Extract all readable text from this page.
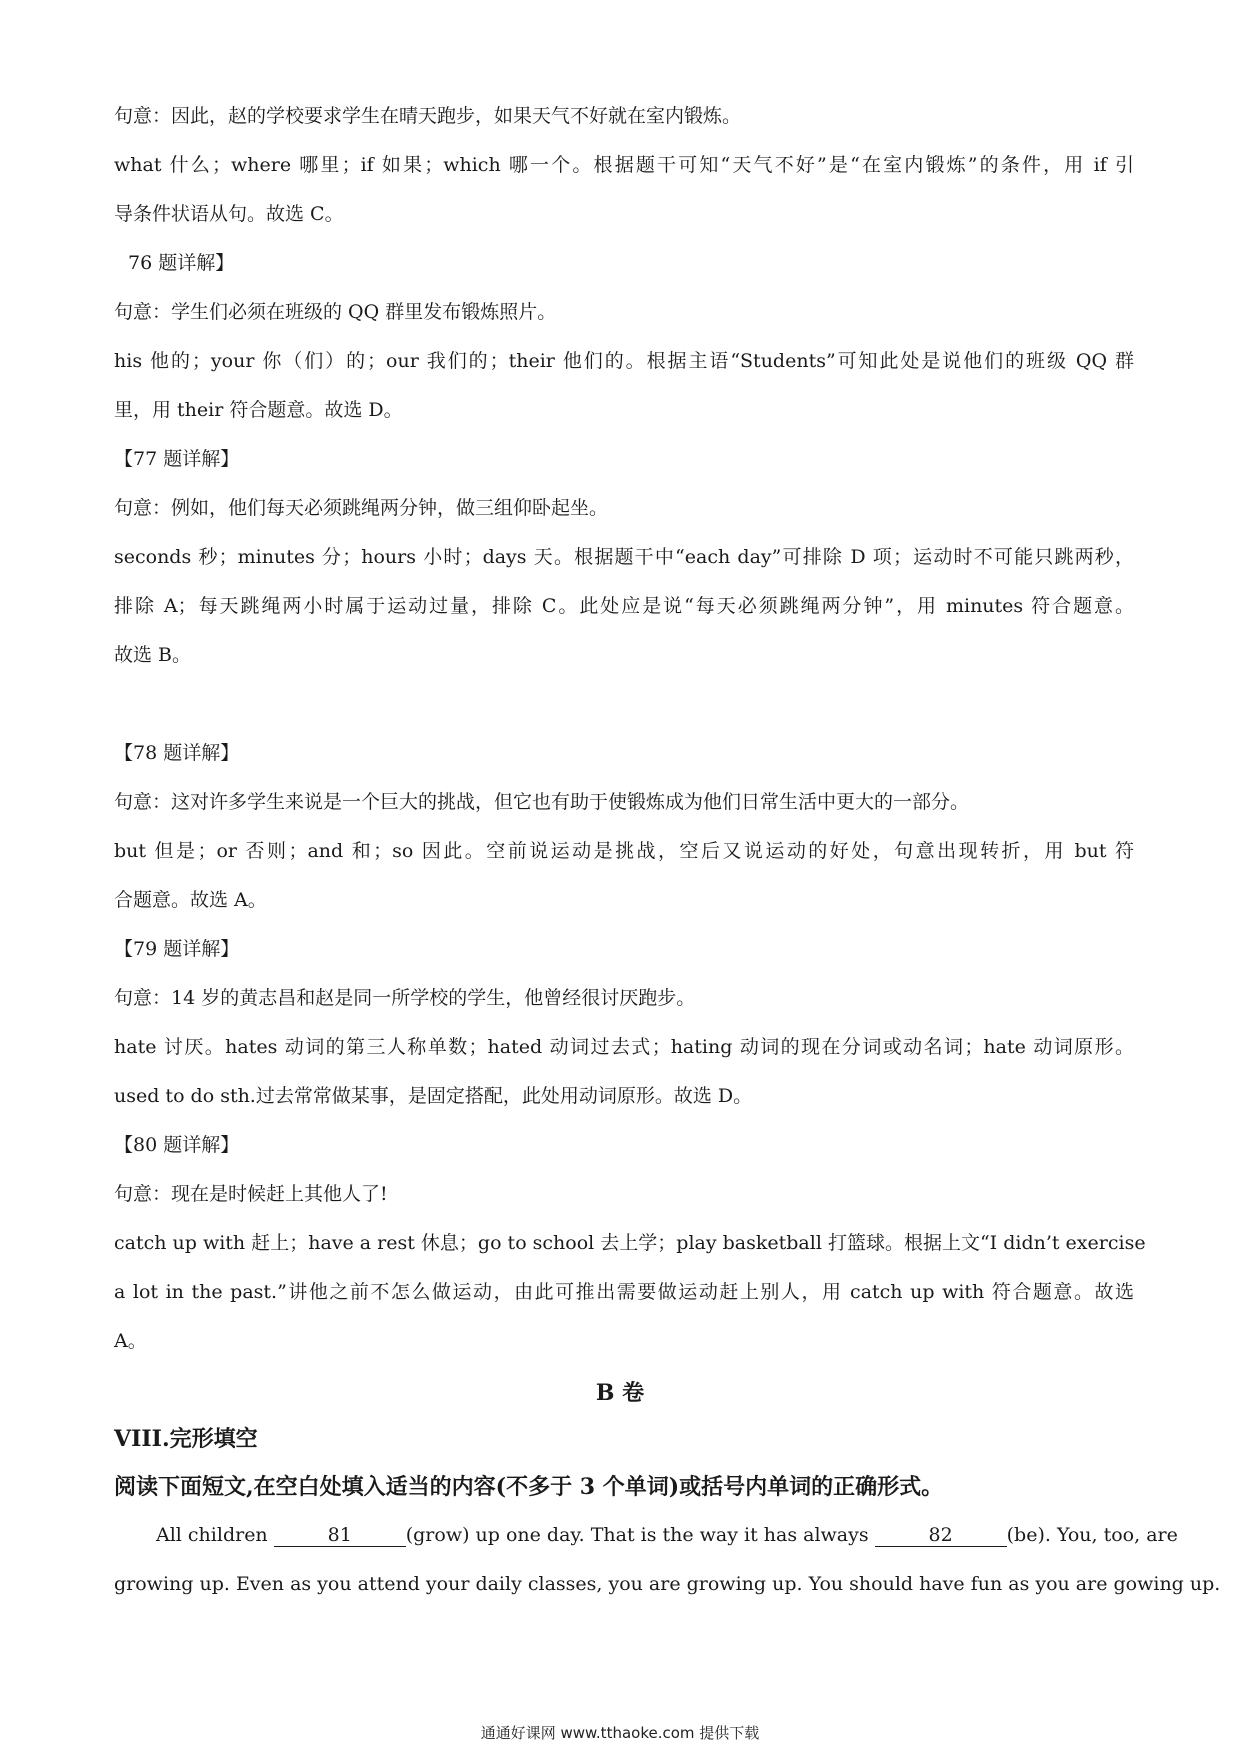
句意：因此，赵的学校要求学生在晴天跑步，如果天气不好就在室内锻炼。
what 什么；where 哪里；if 如果；which 哪一个。根据题干可知“天气不好”是“在室内锻炼”的条件，用 if 引
导条件状语从句。故选 C。
76 题详解】
句意：学生们必须在班级的 QQ 群里发布锻炼照片。
his 他的；your 你（们）的；our 我们的；their 他们的。根据主语“Students”可知此处是说他们的班级 QQ 群
里，用 their 符合题意。故选 D。
【77 题详解】
句意：例如，他们每天必须跳绳两分钟，做三组仰卧起坐。
seconds 秒；minutes 分；hours 小时；days 天。根据题干中“each day”可排除 D 项；运动时不可能只跳两秒，
排除 A；每天跳绳两小时属于运动过量，排除 C。此处应是说“每天必须跳绳两分钟”，用 minutes 符合题意。
故选 B。
【78 题详解】
句意：这对许多学生来说是一个巨大的挑战，但它也有助于使锻炼成为他们日常生活中更大的一部分。
but 但是；or 否则；and 和；so 因此。空前说运动是挑战，空后又说运动的好处，句意出现转折，用 but 符
合题意。故选 A。
【79 题详解】
句意：14 岁的黄志昌和赵是同一所学校的学生，他曾经很讨厌跑步。
hate 讨厌。hates 动词的第三人称单数；hated 动词过去式；hating 动词的现在分词或动名词；hate 动词原形。
used to do sth.过去常常做某事，是固定搭配，此处用动词原形。故选 D。
【80 题详解】
句意：现在是时候赶上其他人了!
catch up with 赶上；have a rest 休息；go to school 去上学；play basketball 打篮球。根据上文“I didn’t exercise
a lot in the past.”讲他之前不怎么做运动，由此可推出需要做运动赶上别人，用 catch up with 符合题意。故选
A。
B 卷
VIII.完形填空
阅读下面短文,在空白处填入适当的内容(不多于 3 个单词)或括号内单词的正确形式。
All children	81	(grow) up one day. That is the way it has always	82	(be). You, too, are
growing up. Even as you attend your daily classes, you are growing up. You should have fun as you are gowing up.
通通好课网 www.tthaoke.com 提供下载
